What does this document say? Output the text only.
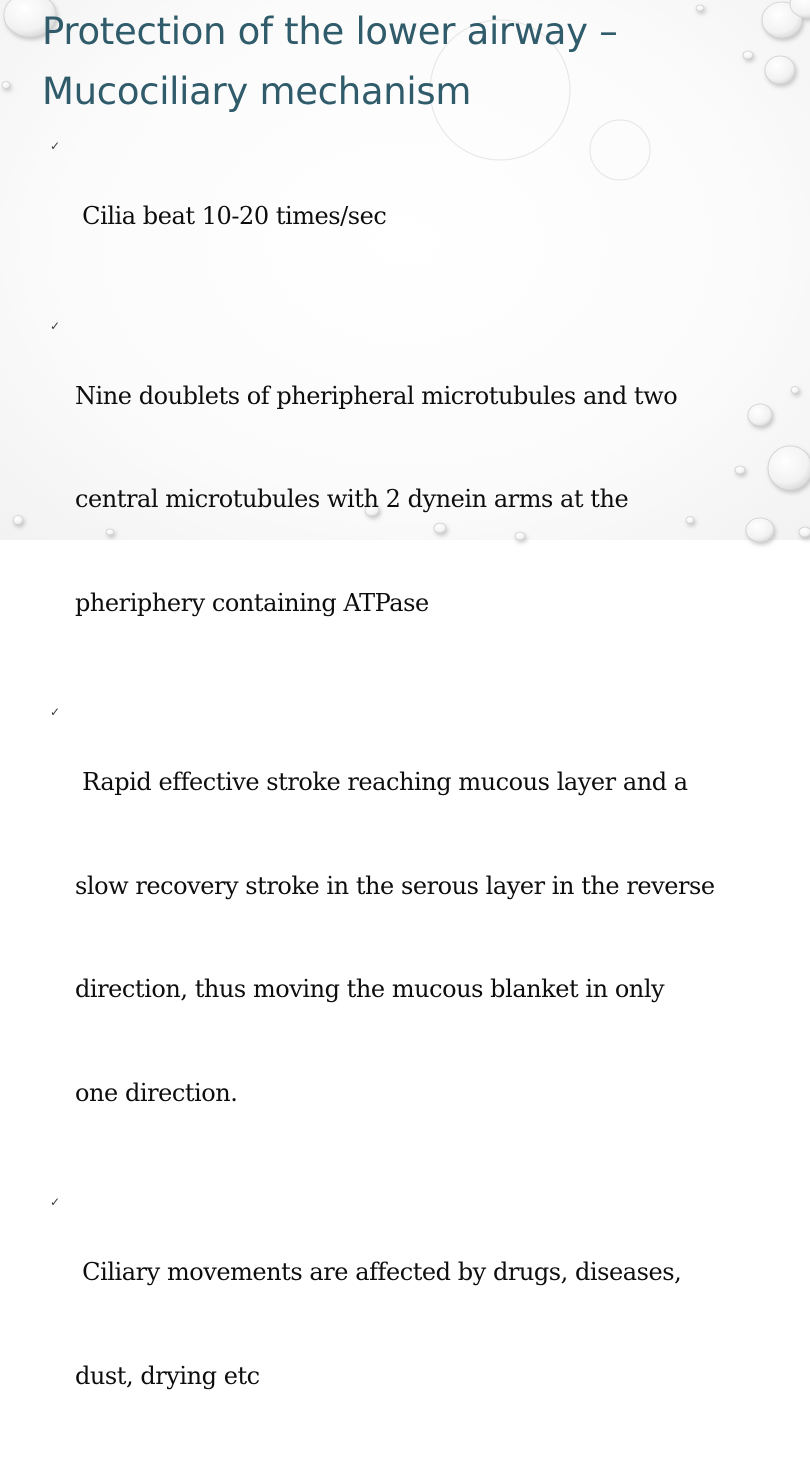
Protection of the lower airway –
Mucociliary mechanism
✓

Cilia beat 10-20 times/sec

✓

Nine doublets of pheripheral microtubules and two

central microtubules with 2 dynein arms at the

pheriphery containing ATPase

✓

Rapid effective stroke reaching mucous layer and a

slow recovery stroke in the serous layer in the reverse

direction, thus moving the mucous blanket in only

one direction.

✓

Ciliary movements are affected by drugs, diseases,

dust, drying etc
